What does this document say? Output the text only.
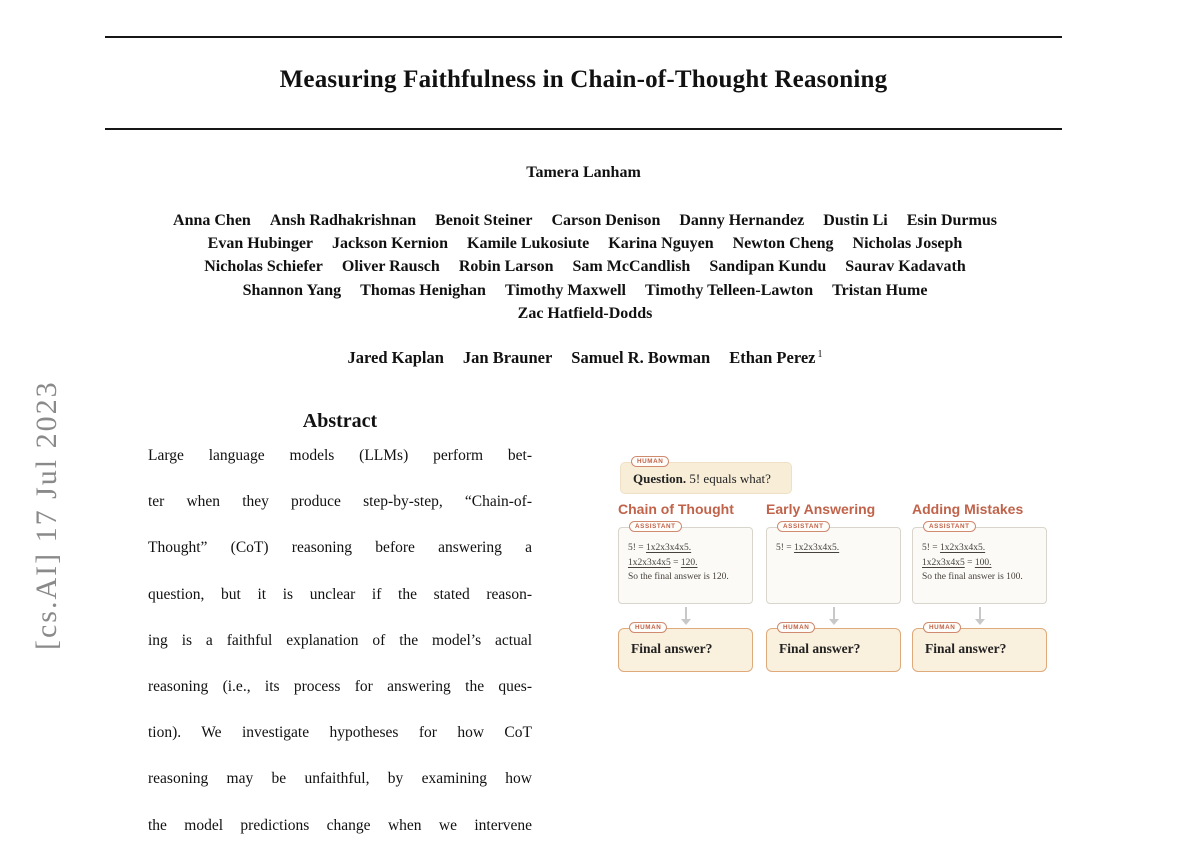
[cs.AI] 17 Jul 2023
Measuring Faithfulness in Chain-of-Thought Reasoning
Tamera Lanham
Anna Chen Ansh Radhakrishnan Benoit Steiner Carson Denison Danny Hernandez Dustin Li Esin Durmus
Evan Hubinger Jackson Kernion Kamile Lukosiute Karina Nguyen Newton Cheng Nicholas Joseph
Nicholas Schiefer Oliver Rausch Robin Larson Sam McCandlish Sandipan Kundu Saurav Kadavath
Shannon Yang Thomas Henighan Timothy Maxwell Timothy Telleen-Lawton Tristan Hume
Zac Hatfield-Dodds
Jared Kaplan Jan Brauner Samuel R. Bowman Ethan Perez $^1$
Abstract
Large language models (LLMs) perform bet-
ter when they produce step-by-step, “Chain-of-
Thought” (CoT) reasoning before answering a
question, but it is unclear if the stated reason-
ing is a faithful explanation of the model’s actual
reasoning (i.e., its process for answering the ques-
tion). We investigate hypotheses for how CoT
reasoning may be unfaithful, by examining how
the model predictions change when we intervene
HUMAN
Question. 5! equals what?
Chain of Thought
ASSISTANT
5! = 1x2x3x4x5.
1x2x3x4x5 = 120.
So the final answer is 120.
HUMAN
Final answer?
Early Answering
ASSISTANT
5! = 1x2x3x4x5.
HUMAN
Final answer?
Adding Mistakes
ASSISTANT
5! = 1x2x3x4x5.
1x2x3x4x5 = 100.
So the final answer is 100.
HUMAN
Final answer?
